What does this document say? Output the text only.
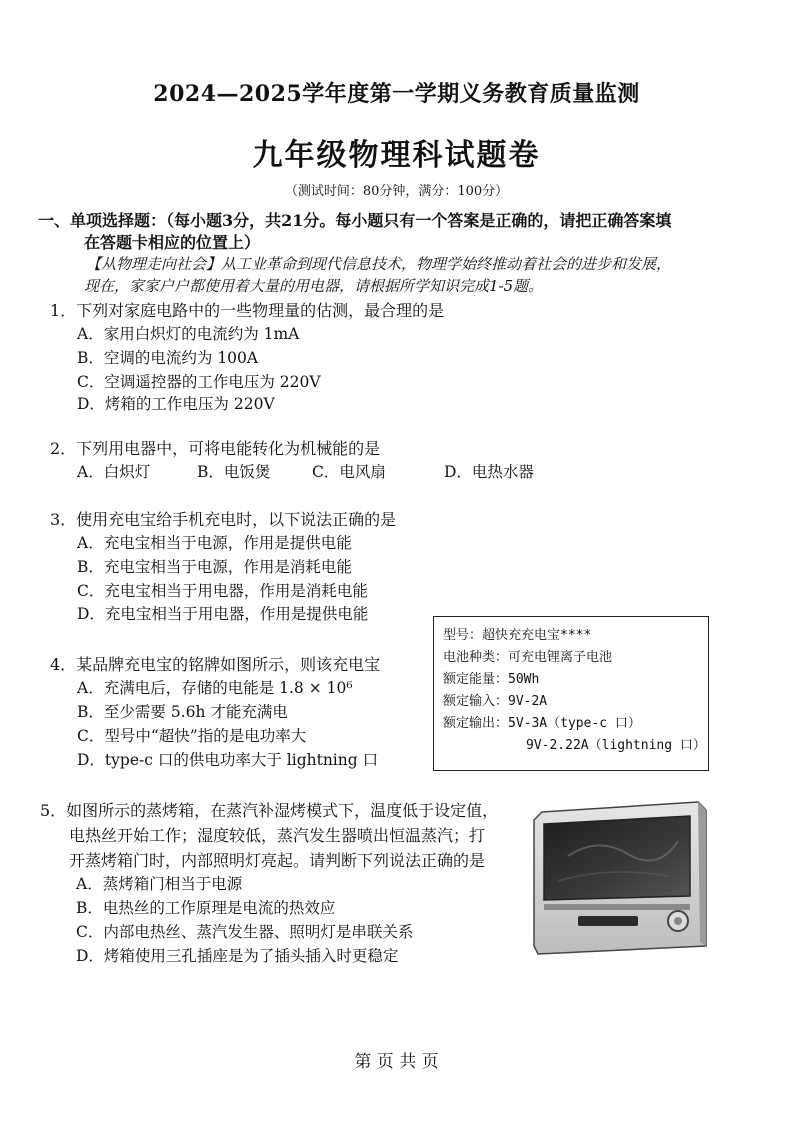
2024—2025学年度第一学期义务教育质量监测
九年级物理科试题卷
（测试时间：80分钟，满分：100分）
一、单项选择题：（每小题3分，共21分。每小题只有一个答案是正确的，请把正确答案填
在答题卡相应的位置上）
【从物理走向社会】从工业革命到现代信息技术，物理学始终推动着社会的进步和发展，
现在，家家户户都使用着大量的用电器，请根据所学知识完成1-5题。
1．下列对家庭电路中的一些物理量的估测，最合理的是
A．家用白炽灯的电流约为 1mA
B．空调的电流约为 100A
C．空调遥控器的工作电压为 220V
D．烤箱的工作电压为 220V
2．下列用电器中，可将电能转化为机械能的是
A．白炽灯	B．电饭煲	C．电风扇	D．电热水器
3．使用充电宝给手机充电时，以下说法正确的是
A．充电宝相当于电源，作用是提供电能
B．充电宝相当于电源，作用是消耗电能
C．充电宝相当于用电器，作用是消耗电能
D．充电宝相当于用电器，作用是提供电能
型号：超快充充电宝****
电池种类：可充电锂离子电池
额定能量：50Wh
额定输入：9V-2A
额定输出：5V-3A（type-c 口）
9V-2.22A（lightning 口）
4．某品牌充电宝的铭牌如图所示，则该充电宝
A．充满电后，存储的电能是 1.8 × 10⁶
B．至少需要 5.6h 才能充满电
C．型号中“超快”指的是电功率大
D．type-c 口的供电功率大于 lightning 口
5．如图所示的蒸烤箱，在蒸汽补湿烤模式下，温度低于设定值，
电热丝开始工作；湿度较低，蒸汽发生器喷出恒温蒸汽；打
开蒸烤箱门时，内部照明灯亮起。请判断下列说法正确的是
A．蒸烤箱门相当于电源
B．电热丝的工作原理是电流的热效应
C．内部电热丝、蒸汽发生器、照明灯是串联关系
D．烤箱使用三孔插座是为了插头插入时更稳定
第 页 共 页
